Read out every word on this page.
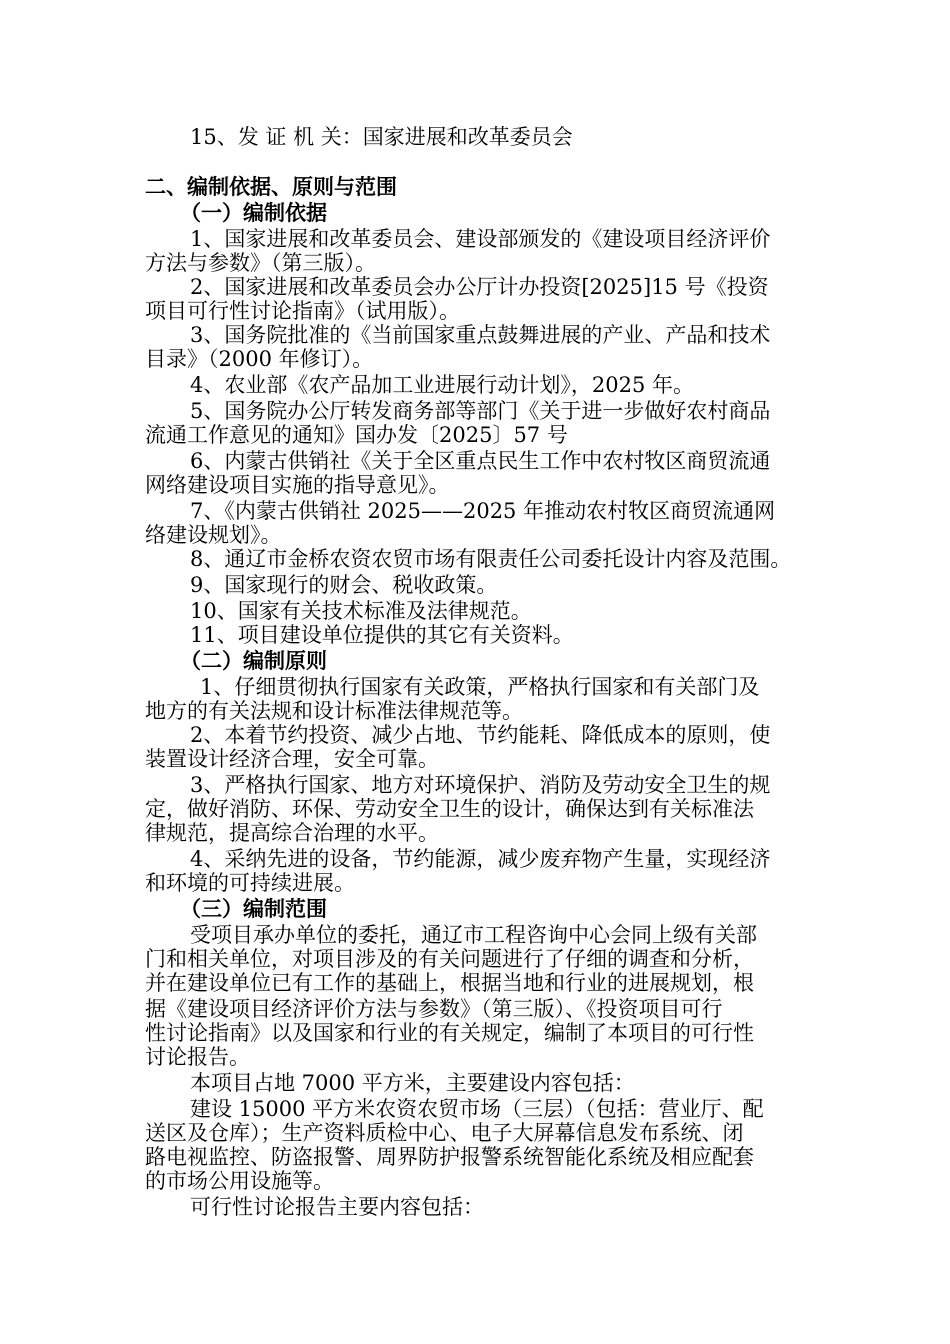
15、发 证 机 关：国家进展和改革委员会
二、编制依据、原则与范围
（一）编制依据
1、国家进展和改革委员会、建设部颁发的《建设项目经济评价
方法与参数》（第三版）。
2、国家进展和改革委员会办公厅计办投资[2025]15 号《投资
项目可行性讨论指南》（试用版）。
3、国务院批准的《当前国家重点鼓舞进展的产业、产品和技术
目录》（2000 年修订）。
4、农业部《农产品加工业进展行动计划》，2025 年。
5、国务院办公厅转发商务部等部门《关于进一步做好农村商品
流通工作意见的通知》国办发〔2025〕57 号
6、内蒙古供销社《关于全区重点民生工作中农村牧区商贸流通
网络建设项目实施的指导意见》。
7、《内蒙古供销社 2025——2025 年推动农村牧区商贸流通网
络建设规划》。
8、通辽市金桥农资农贸市场有限责任公司委托设计内容及范围。
9、国家现行的财会、税收政策。
10、国家有关技术标准及法律规范。
11、项目建设单位提供的其它有关资料。
（二）编制原则
1、仔细贯彻执行国家有关政策，严格执行国家和有关部门及
地方的有关法规和设计标准法律规范等。
2、本着节约投资、减少占地、节约能耗、降低成本的原则，使
装置设计经济合理，安全可靠。
3、严格执行国家、地方对环境保护、消防及劳动安全卫生的规
定，做好消防、环保、劳动安全卫生的设计，确保达到有关标准法
律规范，提高综合治理的水平。
4、采纳先进的设备，节约能源，减少废弃物产生量，实现经济
和环境的可持续进展。
（三）编制范围
受项目承办单位的委托，通辽市工程咨询中心会同上级有关部
门和相关单位，对项目涉及的有关问题进行了仔细的调查和分析，
并在建设单位已有工作的基础上，根据当地和行业的进展规划，根
据《建设项目经济评价方法与参数》（第三版）、《投资项目可行
性讨论指南》以及国家和行业的有关规定，编制了本项目的可行性
讨论报告。
本项目占地 7000 平方米，主要建设内容包括：
建设 15000 平方米农资农贸市场（三层）（包括：营业厅、配
送区及仓库）；生产资料质检中心、电子大屏幕信息发布系统、闭
路电视监控、防盗报警、周界防护报警系统智能化系统及相应配套
的市场公用设施等。
可行性讨论报告主要内容包括：
